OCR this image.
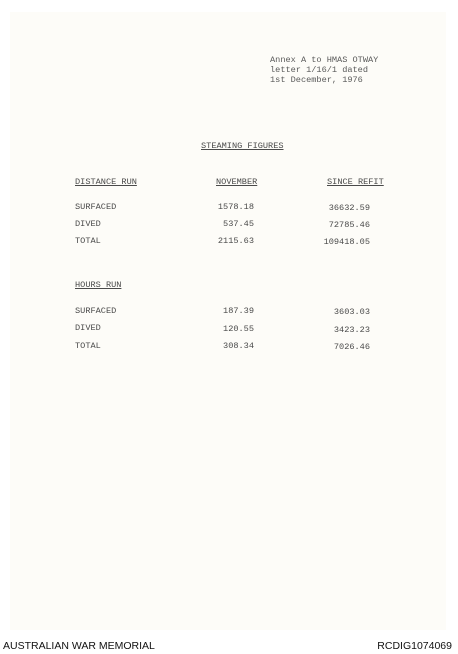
Annex A to HMAS OTWAY
letter 1/16/1 dated
1st December, 1976
STEAMING FIGURES
DISTANCE RUN	NOVEMBER	SINCE REFIT
SURFACED	1578.18	36632.59
DIVED	537.45	72785.46
TOTAL	2115.63	109418.05
HOURS RUN
SURFACED	187.39	3603.03
DIVED	120.55	3423.23
TOTAL	308.34	7026.46
AUSTRALIAN WAR MEMORIAL	RCDIG1074069
